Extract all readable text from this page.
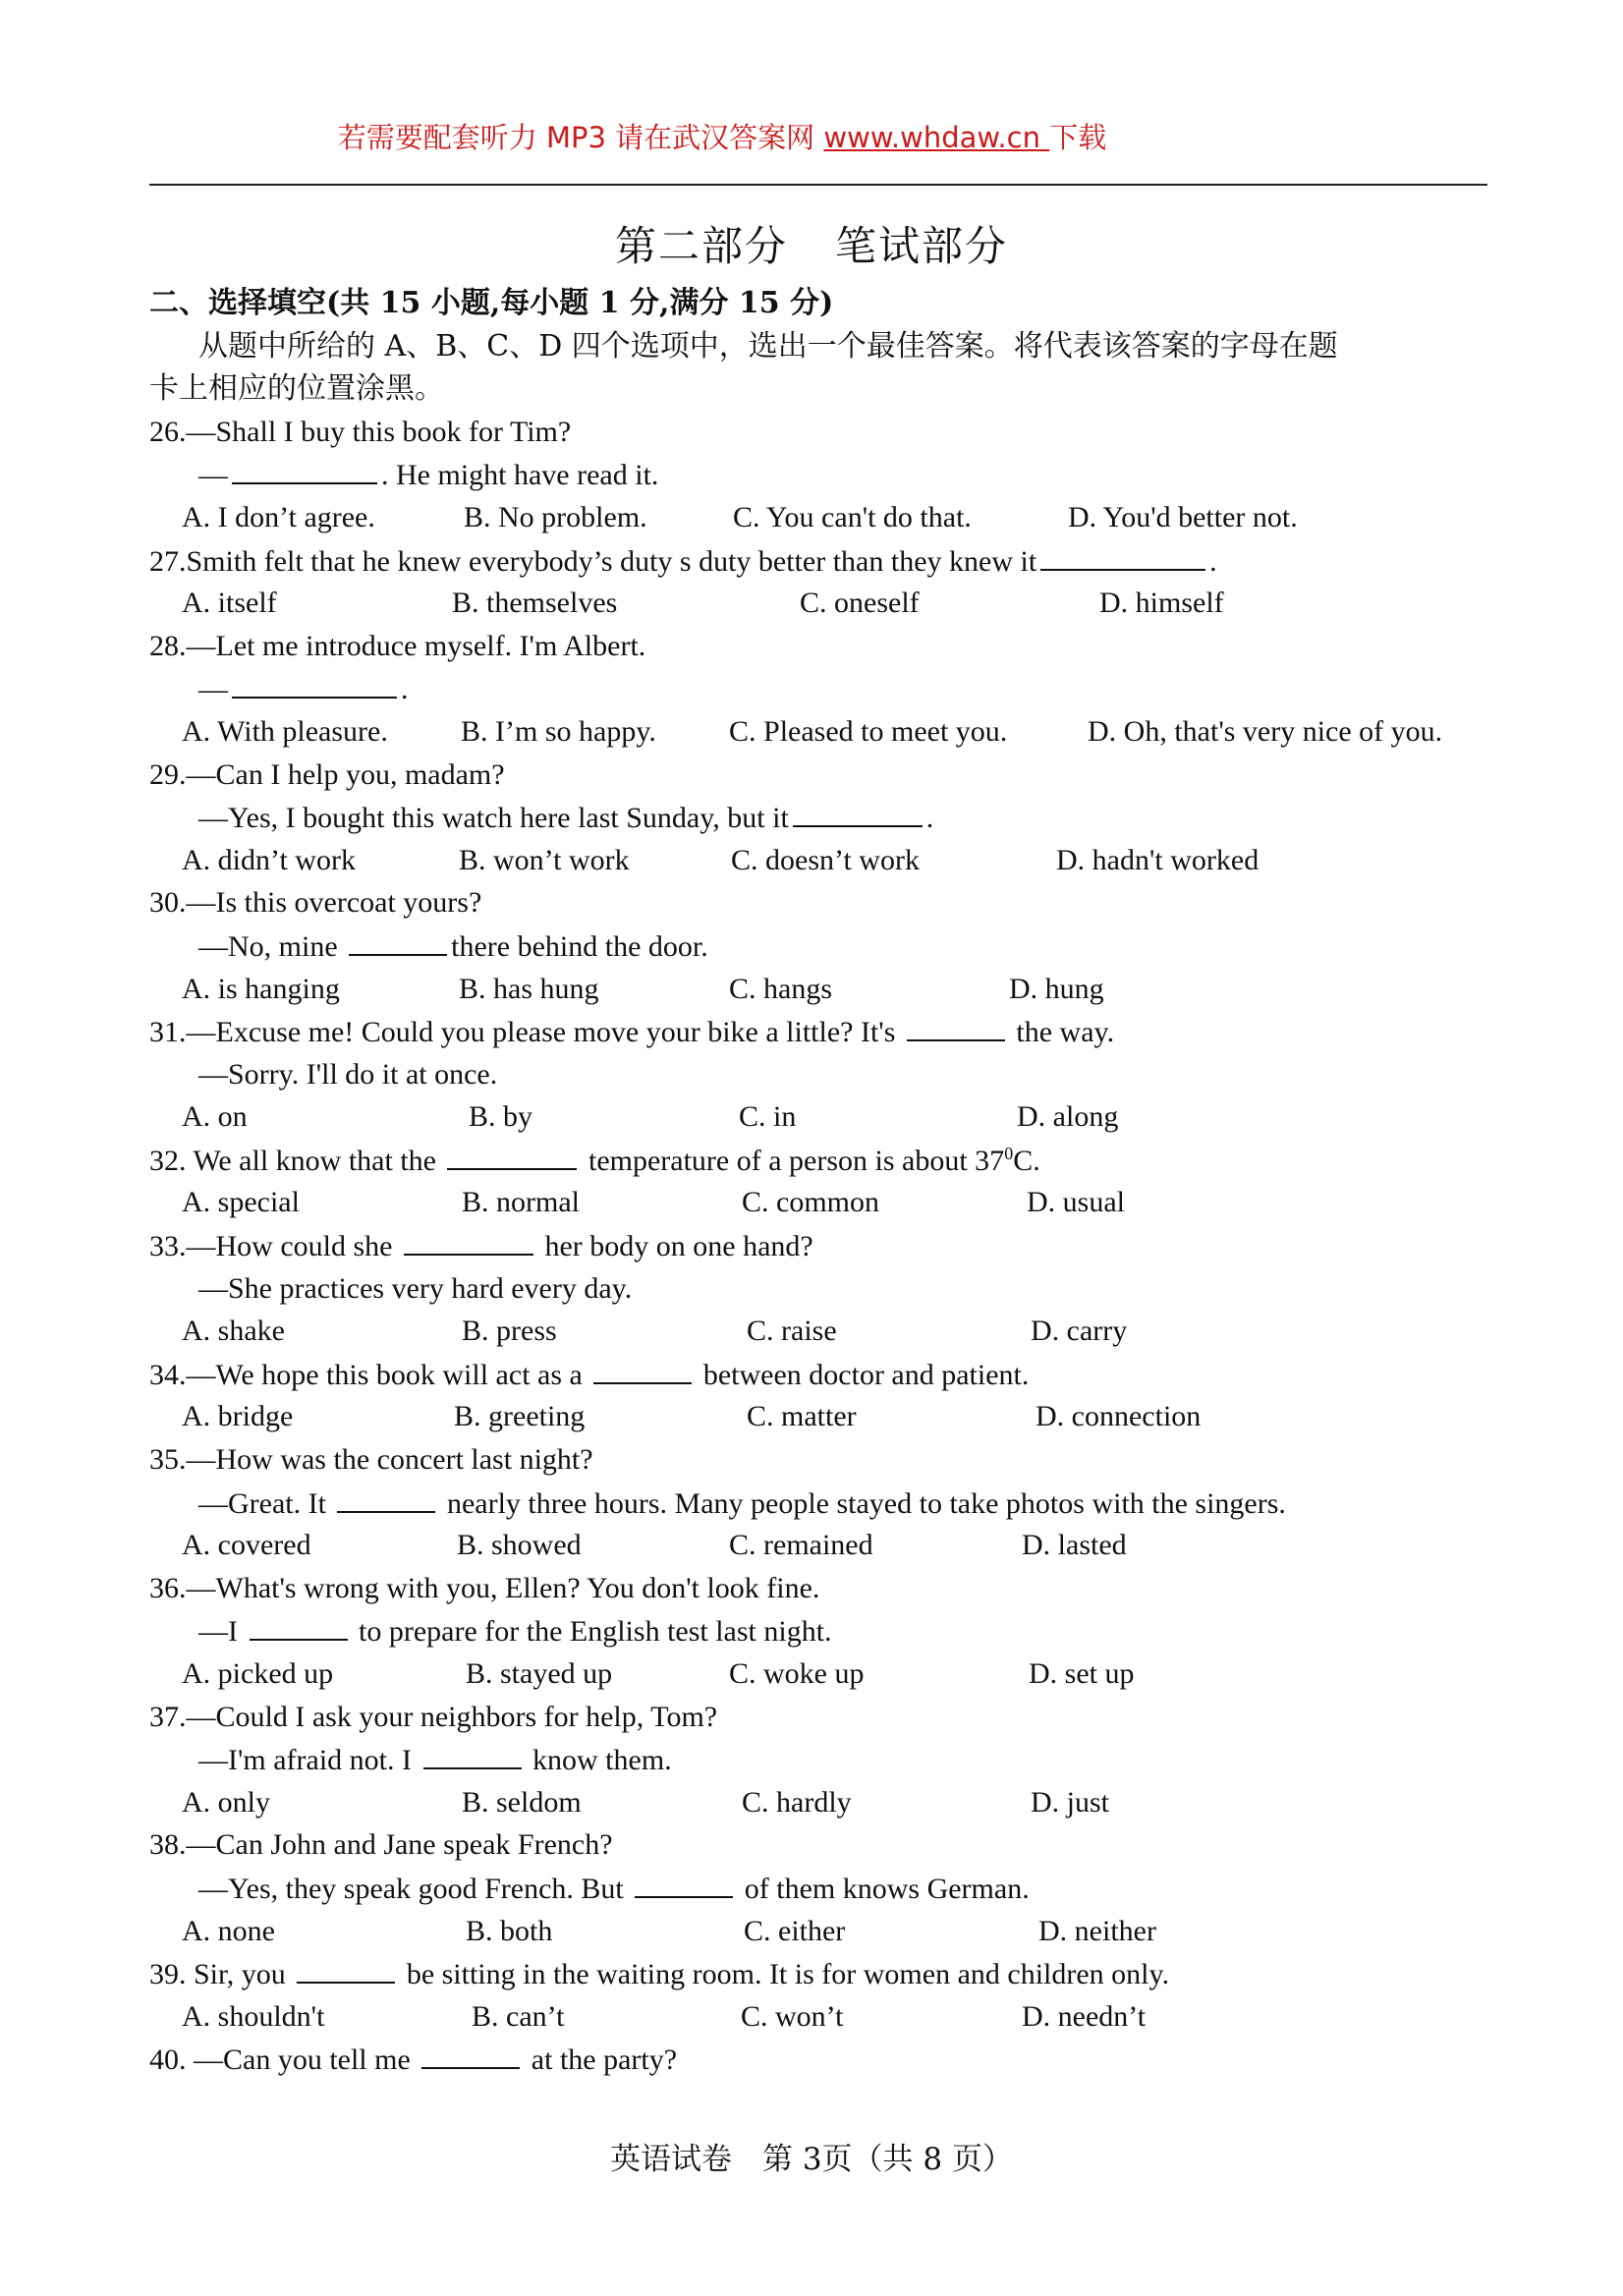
若需要配套听力 MP3 请在武汉答案网 www.whdaw.cn 下载
第二部分 笔试部分
二、选择填空(共 15 小题,每小题 1 分,满分 15 分)
从题中所给的 A、B、C、D 四个选项中，选出一个最佳答案。将代表该答案的字母在题
卡上相应的位置涂黑。
26.—Shall I buy this book for Tim?
—	. He might have read it.
A. I don’t agree.	B. No problem.	C. You can't do that.	D. You'd better not.
27.Smith felt that he knew everybody’s duty s duty better than they knew it	.
A. itself	B. themselves	C. oneself	D. himself
28.—Let me introduce myself. I'm Albert.
—	.
A. With pleasure. B. I’m so happy. C. Pleased to meet you.	D. Oh, that's very nice of you.
29.—Can I help you, madam?
—Yes, I bought this watch here last Sunday, but it	.
A. didn’t work	B. won’t work	C. doesn’t work	D. hadn't worked
30.—Is this overcoat yours?
—No, mine	there behind the door.
A. is hanging	B. has hung	C. hangs	D. hung
31.—Excuse me! Could you please move your bike a little? It's	the way.
—Sorry. I'll do it at once.
A. on	B. by	C. in	D. along
32. We all know that the	temperature of a person is about $37^0C$.
A. special	B. normal	C. common	D. usual
33.—How could she	her body on one hand?
—She practices very hard every day.
A. shake	B. press	C. raise	D. carry
34.—We hope this book will act as a	between doctor and patient.
A. bridge	B. greeting	C. matter	D. connection
35.—How was the concert last night?
—Great. It	nearly three hours. Many people stayed to take photos with the singers.
A. covered	B. showed	C. remained	D. lasted
36.—What's wrong with you, Ellen? You don't look fine.
—I	to prepare for the English test last night.
A. picked up	B. stayed up	C. woke up	D. set up
37.—Could I ask your neighbors for help, Tom?
—I'm afraid not. I	know them.
A. only	B. seldom	C. hardly	D. just
38.—Can John and Jane speak French?
—Yes, they speak good French. But	of them knows German.
A. none	B. both	C. either	D. neither
39. Sir, you	be sitting in the waiting room. It is for women and children only.
A. shouldn't	B. can’t	C. won’t	D. needn’t
40. —Can you tell me	at the party?
英语试卷　第 3页（共 8 页）
